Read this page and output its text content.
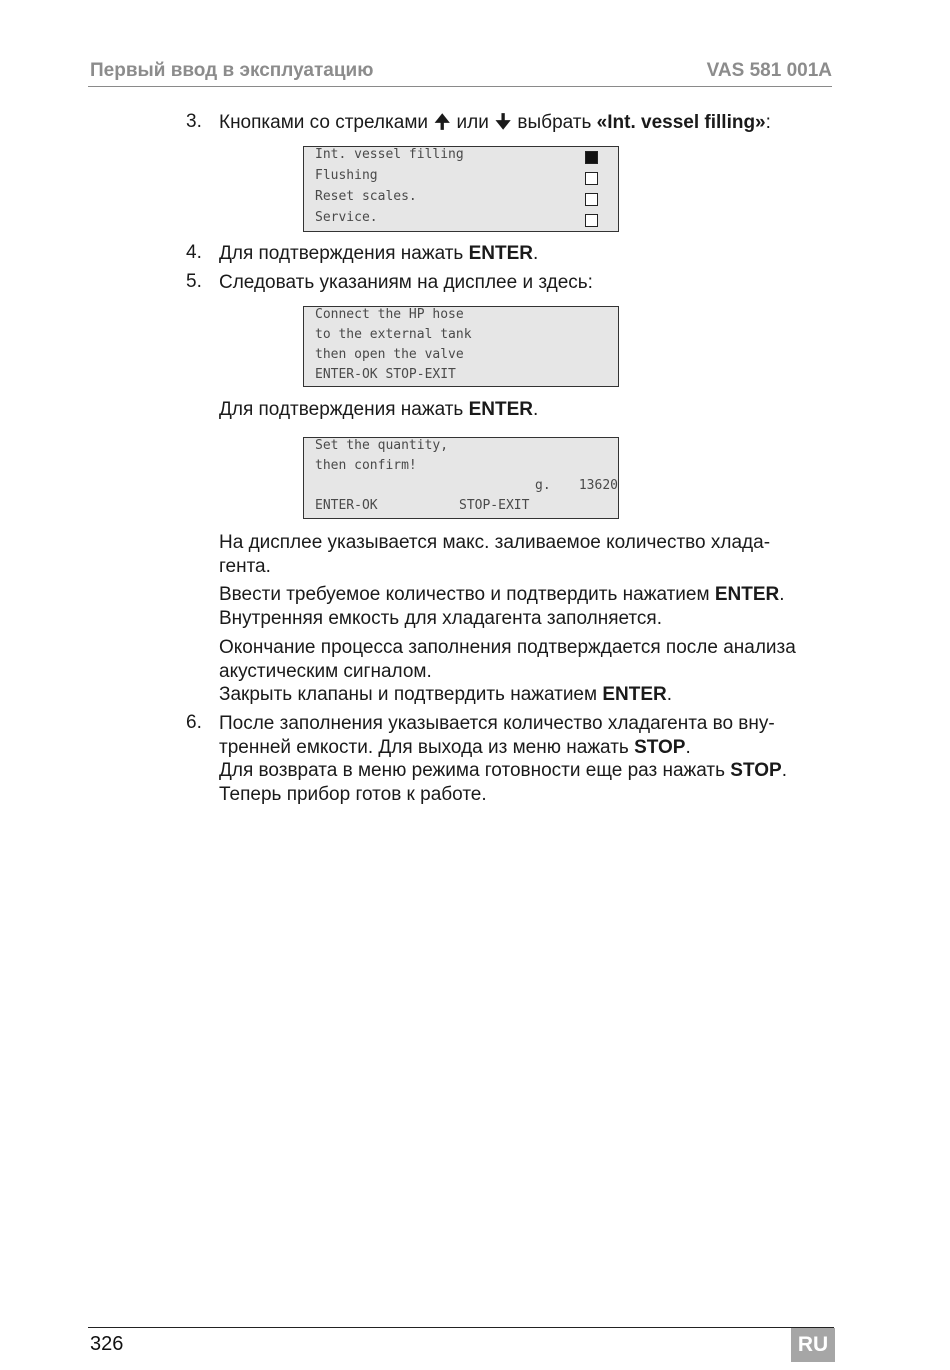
Первый ввод в эксплуатацию	VAS 581 001A
3. Кнопками со стрелками 🠉 или 🠋 выбрать «Int. vessel filling»:
Int. vessel filling
Flushing
Reset scales.
Service.
4. Для подтверждения нажать ENTER.
5. Следовать указаниям на дисплее и здесь:
Connect the HP hose
to the external tank
then open the valve
ENTER-OK STOP-EXIT
Для подтверждения нажать ENTER.
Set the quantity,
then confirm!
g. 13620
ENTER-OK	STOP-EXIT
На дисплее указывается макс. заливаемое количество хлада-
гента.
Ввести требуемое количество и подтвердить нажатием ENTER.
Внутренняя емкость для хладагента заполняется.
Окончание процесса заполнения подтверждается после анализа
акустическим сигналом.
Закрыть клапаны и подтвердить нажатием ENTER.
6. После заполнения указывается количество хладагента во вну-
тренней емкости. Для выхода из меню нажать STOP.
Для возврата в меню режима готовности еще раз нажать STOP.
Теперь прибор готов к работе.
326	RU
